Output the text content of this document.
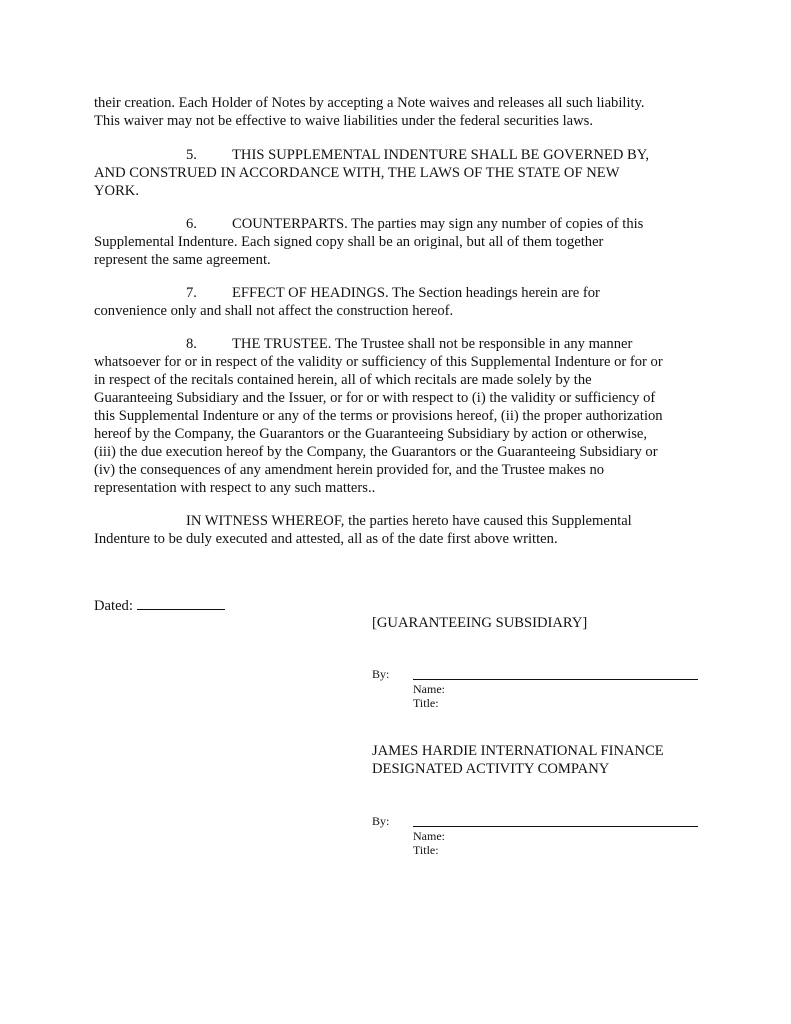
their creation. Each Holder of Notes by accepting a Note waives and releases all such liability.
This waiver may not be effective to waive liabilities under the federal securities laws.

5. THIS SUPPLEMENTAL INDENTURE SHALL BE GOVERNED BY,
AND CONSTRUED IN ACCORDANCE WITH, THE LAWS OF THE STATE OF NEW
YORK.

6. COUNTERPARTS. The parties may sign any number of copies of this
Supplemental Indenture. Each signed copy shall be an original, but all of them together
represent the same agreement.

7. EFFECT OF HEADINGS. The Section headings herein are for
convenience only and shall not affect the construction hereof.

8. THE TRUSTEE. The Trustee shall not be responsible in any manner
whatsoever for or in respect of the validity or sufficiency of this Supplemental Indenture or for or
in respect of the recitals contained herein, all of which recitals are made solely by the
Guaranteeing Subsidiary and the Issuer, or for or with respect to (i) the validity or sufficiency of
this Supplemental Indenture or any of the terms or provisions hereof, (ii) the proper authorization
hereof by the Company, the Guarantors or the Guaranteeing Subsidiary by action or otherwise,
(iii) the due execution hereof by the Company, the Guarantors or the Guaranteeing Subsidiary or
(iv) the consequences of any amendment herein provided for, and the Trustee makes no
representation with respect to any such matters..

IN WITNESS WHEREOF, the parties hereto have caused this Supplemental
Indenture to be duly executed and attested, all as of the date first above written.

Dated:
[GUARANTEEING SUBSIDIARY]
By:
Name:
Title:
JAMES HARDIE INTERNATIONAL FINANCE
DESIGNATED ACTIVITY COMPANY
By:
Name:
Title:
